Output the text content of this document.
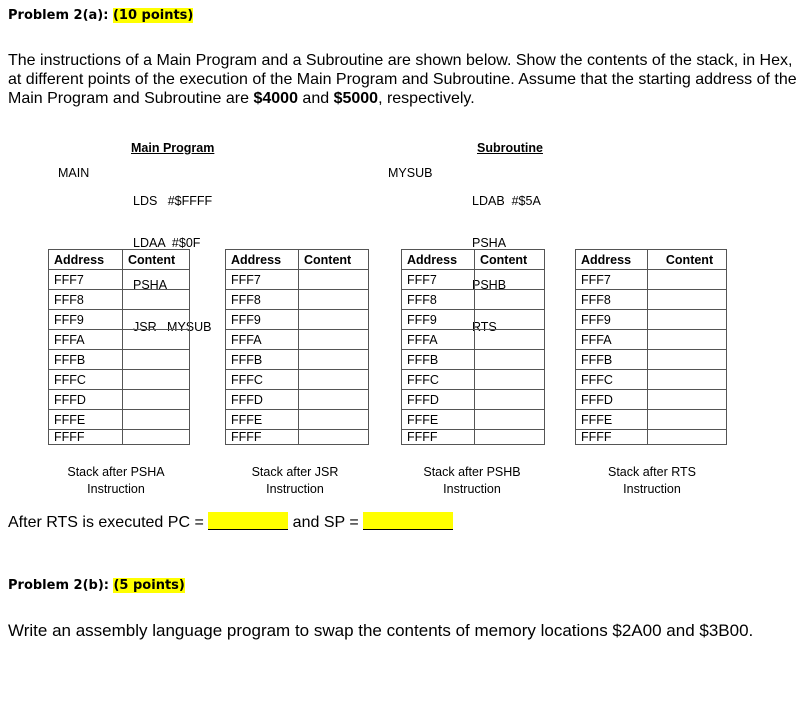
Problem 2(a): (10 points)
The instructions of a Main Program and a Subroutine are shown below. Show the contents of the stack, in Hex, at different points of the execution of the Main Program and Subroutine. Assume that the starting address of the Main Program and Subroutine are $4000 and $5000, respectively.
Main Program
MAIN

LDS   #$FFFF

LDAA  #$0F

PSHA

JSR   MYSUB

Subroutine
MYSUB

LDAB  #$5A

PSHA

PSHB

RTS

Address	Content
FFF7	
FFF8	
FFF9	
FFFA	
FFFB	
FFFC	
FFFD	
FFFE	
FFFF	
Stack after PSHA
Instruction
Address	Content
FFF7	
FFF8	
FFF9	
FFFA	
FFFB	
FFFC	
FFFD	
FFFE	
FFFF	
Stack after JSR
Instruction
Address	Content
FFF7	
FFF8	
FFF9	
FFFA	
FFFB	
FFFC	
FFFD	
FFFE	
FFFF	
Stack after PSHB
Instruction
Address	Content
FFF7	
FFF8	
FFF9	
FFFA	
FFFB	
FFFC	
FFFD	
FFFE	
FFFF	
Stack after RTS
Instruction
After RTS is executed PC =	and SP =
Problem 2(b): (5 points)
Write an assembly language program to swap the contents of memory locations $2A00 and $3B00.
